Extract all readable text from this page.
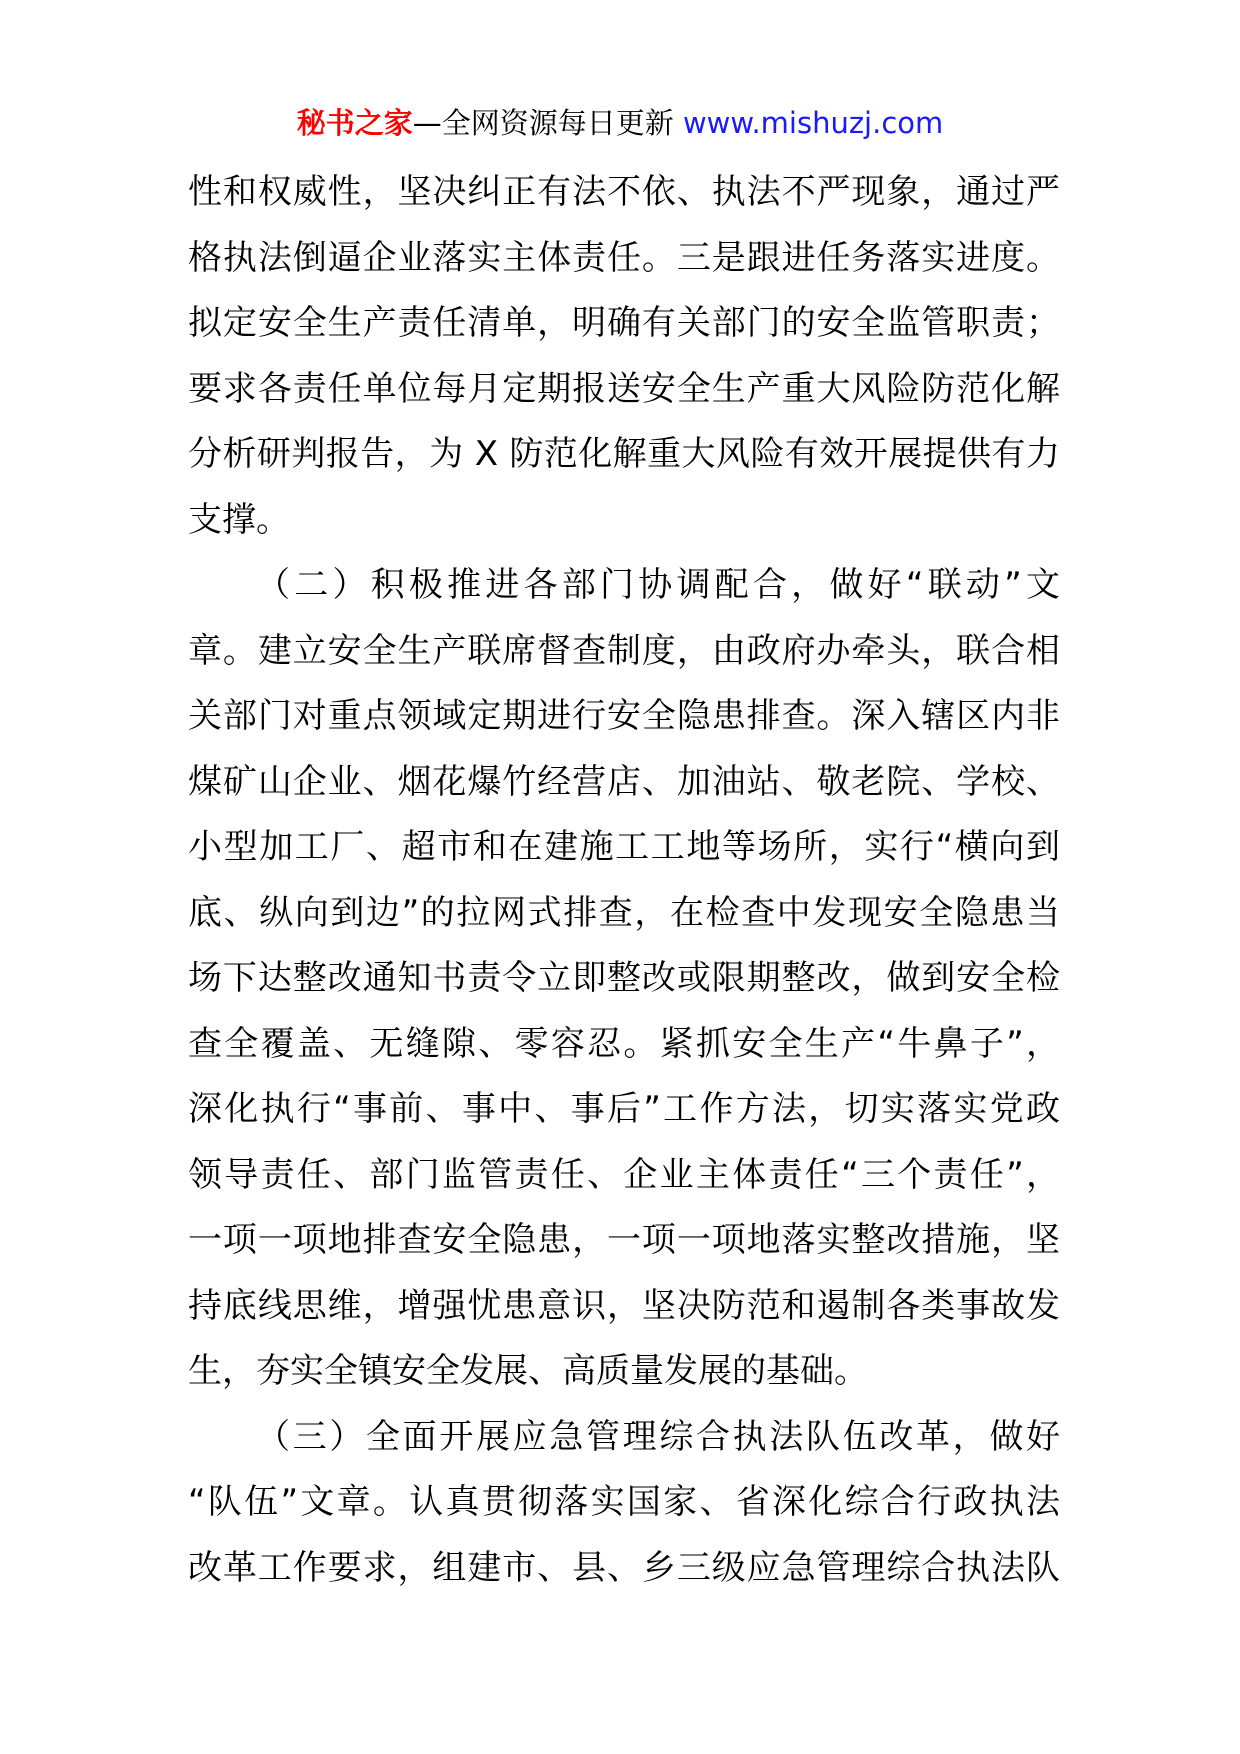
秘书之家—全网资源每日更新 www.mishuzj.com
性和权威性，坚决纠正有法不依、执法不严现象，通过严
格执法倒逼企业落实主体责任。三是跟进任务落实进度。
拟定安全生产责任清单，明确有关部门的安全监管职责；
要求各责任单位每月定期报送安全生产重大风险防范化解
分析研判报告，为 X 防范化解重大风险有效开展提供有力
支撑。
（二）积极推进各部门协调配合，做好“联动”文
章。建立安全生产联席督查制度，由政府办牵头，联合相
关部门对重点领域定期进行安全隐患排查。深入辖区内非
煤矿山企业、烟花爆竹经营店、加油站、敬老院、学校、
小型加工厂、超市和在建施工工地等场所，实行“横向到
底、纵向到边”的拉网式排查，在检查中发现安全隐患当
场下达整改通知书责令立即整改或限期整改，做到安全检
查全覆盖、无缝隙、零容忍。紧抓安全生产“牛鼻子”，
深化执行“事前、事中、事后”工作方法，切实落实党政
领导责任、部门监管责任、企业主体责任“三个责任”，
一项一项地排查安全隐患，一项一项地落实整改措施，坚
持底线思维，增强忧患意识，坚决防范和遏制各类事故发
生，夯实全镇安全发展、高质量发展的基础。
（三）全面开展应急管理综合执法队伍改革，做好
“队伍”文章。认真贯彻落实国家、省深化综合行政执法
改革工作要求，组建市、县、乡三级应急管理综合执法队
